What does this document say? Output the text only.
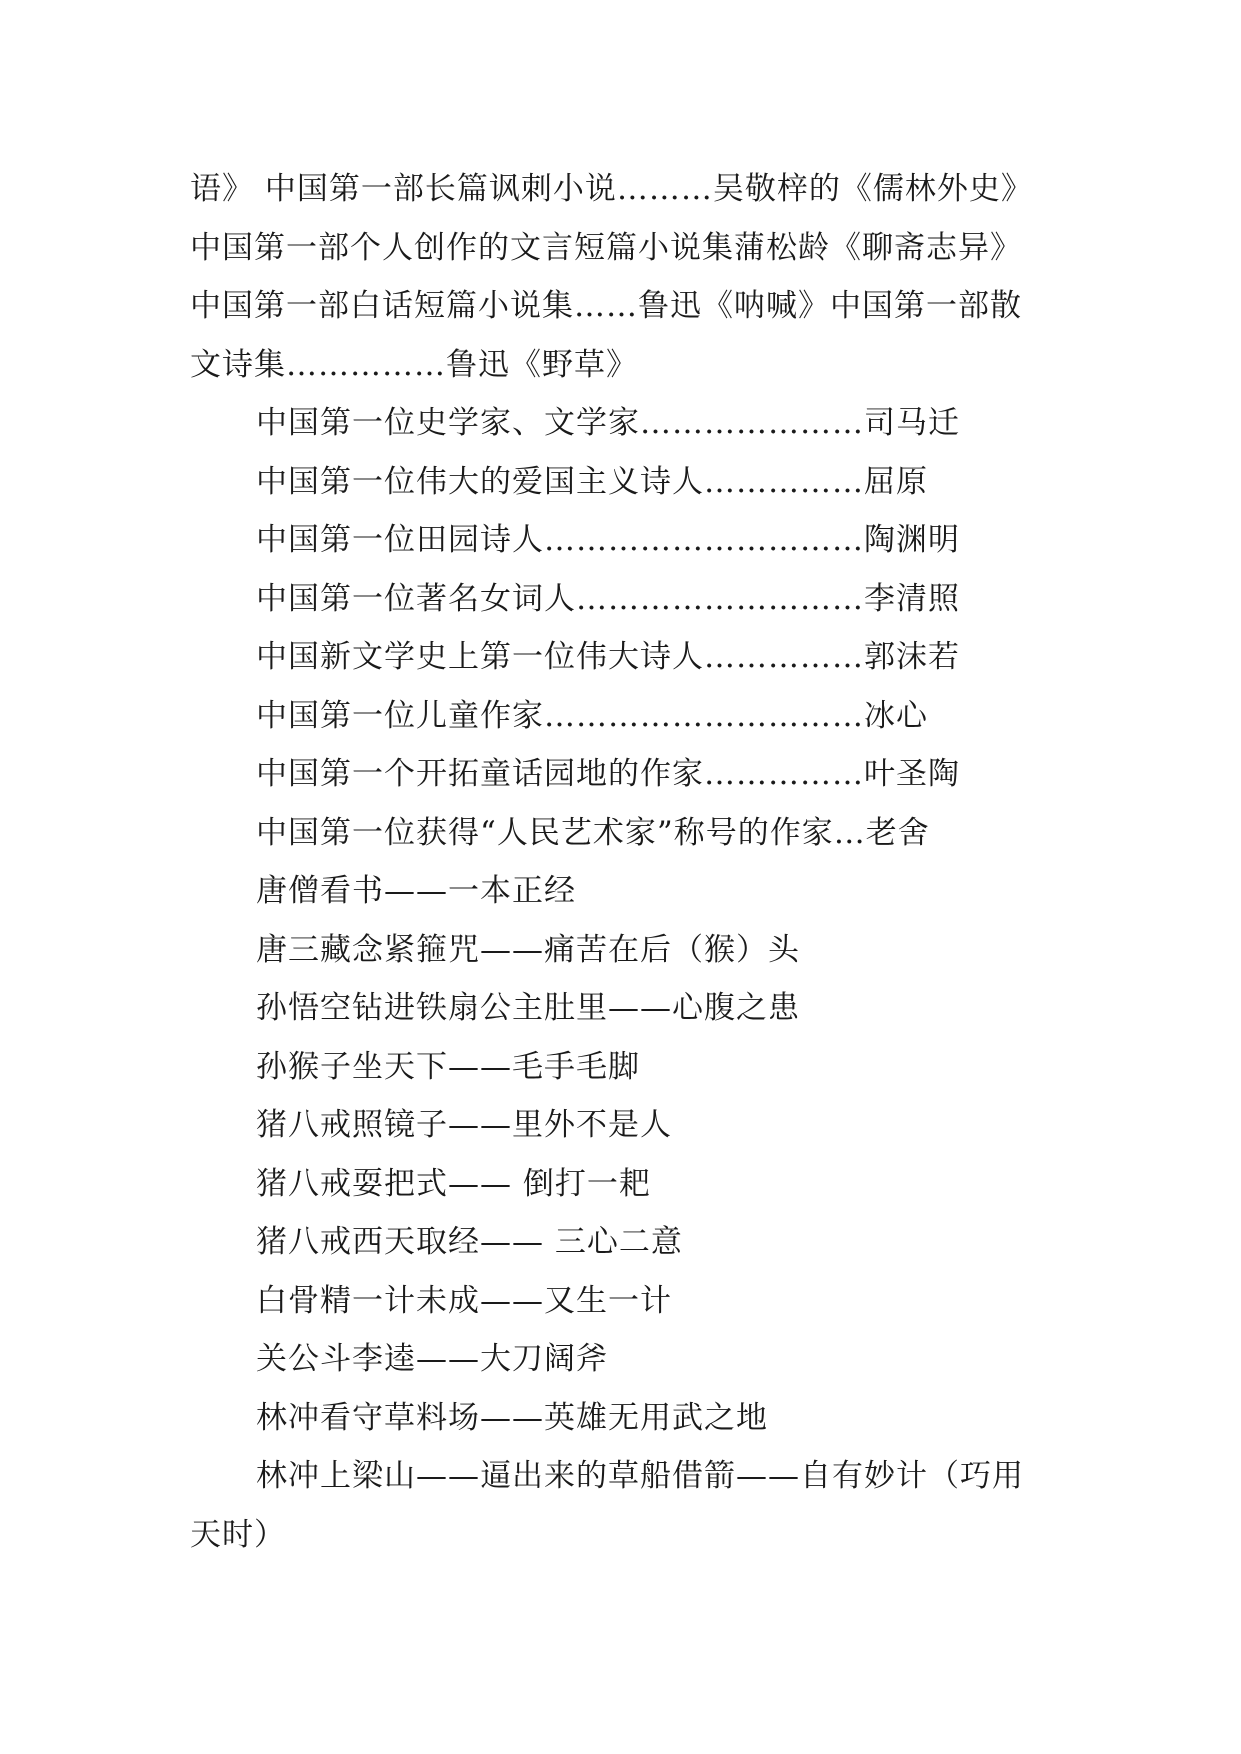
语》 中国第一部长篇讽刺小说………吴敬梓的《儒林外史》
中国第一部个人创作的文言短篇小说集蒲松龄《聊斋志异》
中国第一部白话短篇小说集……鲁迅《呐喊》中国第一部散
文诗集……………鲁迅《野草》
中国第一位史学家、文学家…………………司马迁
中国第一位伟大的爱国主义诗人……………屈原
中国第一位田园诗人…………………………陶渊明
中国第一位著名女词人………………………李清照
中国新文学史上第一位伟大诗人……………郭沫若
中国第一位儿童作家…………………………冰心
中国第一个开拓童话园地的作家……………叶圣陶
中国第一位获得“人民艺术家”称号的作家…老舍
唐僧看书——一本正经
唐三藏念紧箍咒——痛苦在后（猴）头
孙悟空钻进铁扇公主肚里——心腹之患
孙猴子坐天下——毛手毛脚
猪八戒照镜子——里外不是人
猪八戒耍把式—— 倒打一耙
猪八戒西天取经—— 三心二意
白骨精一计未成——又生一计
关公斗李逵——大刀阔斧
林冲看守草料场——英雄无用武之地
林冲上梁山——逼出来的草船借箭——自有妙计（巧用
天时）
